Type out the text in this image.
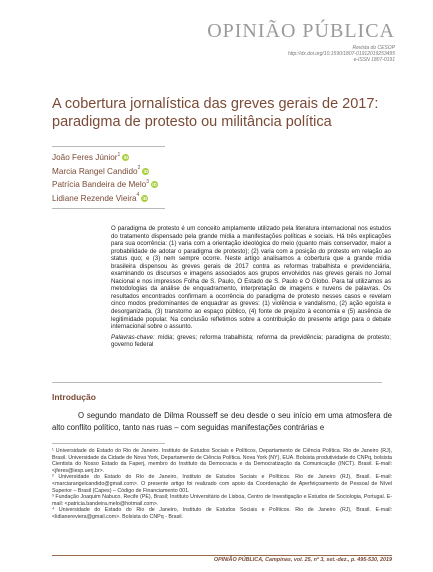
OPINIÃO PÚBLICA
Revista do CESOP
http://dx.doi.org/10.1590/1807-01912019253495
e-ISSN 1807-0191
A cobertura jornalística das greves gerais de 2017: paradigma de protesto ou militância política
João Feres Júnior$^1$ iD
Marcia Rangel Candido$^2$ iD
Patrícia Bandeira de Melo$^3$ iD
Lidiane Rezende Vieira$^4$ iD

O paradigma de protesto é um conceito amplamente utilizado pela literatura internacional nos estudos do tratamento dispensado pela grande mídia a manifestações políticas e sociais. Há três explicações para sua ocorrência: (1) varia com a orientação ideológica do meio (quanto mais conservador, maior a probabilidade de adotar o paradigma de protesto); (2) varia com a posição do protesto em relação ao status quo; e (3) nem sempre ocorre. Neste artigo analisamos a cobertura que a grande mídia brasileira dispensou às greves gerais de 2017 contra as reformas trabalhista e previdenciária, examinando os discursos e imagens associados aos grupos envolvidos nas greves gerais no Jornal Nacional e nos impressos Folha de S. Paulo, O Estado de S. Paulo e O Globo. Para tal utilizamos as metodologias da análise de enquadramento, interpretação de imagens e nuvens de palavras. Os resultados encontrados confirmam a ocorrência do paradigma de protesto nesses casos e revelam cinco modos predominantes de enquadrar as greves: (1) violência e vandalismo, (2) ação egoísta e desorganizada, (3) transtorno ao espaço público, (4) fonte de prejuízo à economia e (5) ausência de legitimidade popular. Na conclusão refletimos sobre a contribuição do presente artigo para o debate internacional sobre o assunto.

Palavras-chave: mídia; greves; reforma trabalhista; reforma da previdência; paradigma de protesto; governo federal

Introdução

O segundo mandato de Dilma Rousseff se deu desde o seu início em uma atmosfera de alto conflito político, tanto nas ruas – com seguidas manifestações contrárias e

¹ Universidade do Estado do Rio de Janeiro. Instituto de Estudos Sociais e Políticos, Departamento de Ciência Política. Rio de Janeiro (RJ), Brasil. Universidade da Cidade de Nova York, Departamento de Ciência Política. Nova York (NY), EUA. Bolsista produtividade do CNPq, bolsista Cientista do Nosso Estado da Faperj, membro do Instituto da Democracia e da Democratização da Comunicação (INCT). Brasil. E-mail: <jferes@iesp.uerj.br>.

² Universidade do Estado do Rio de Janeiro, Instituto de Estudos Sociais e Políticos. Rio de Janeiro (RJ), Brasil. E-mail: <marciarangelcandido@gmail.com>. O presente artigo foi realizado com apoio da Coordenação de Aperfeiçoamento de Pessoal de Nível Superior – Brasil (Capes) – Código de Financiamento 001.

³ Fundação Joaquim Nabuco. Recife (PE), Brasil; Instituto Universitário de Lisboa, Centro de Investigação e Estudos de Sociologia, Portugal. E-mail: <patricia.bandeira.melo@hotmail.com>.

⁴ Universidade do Estado do Rio de Janeiro, Instituto de Estudos Sociais e Políticos. Rio de Janeiro (RJ), Brasil. E-mail: <lidianereviera@gmail.com>. Bolsista do CNPq - Brasil.

OPINIÃO PÚBLICA, Campinas, vol. 25, nº 3, set.-dez., p. 495-530, 2019
